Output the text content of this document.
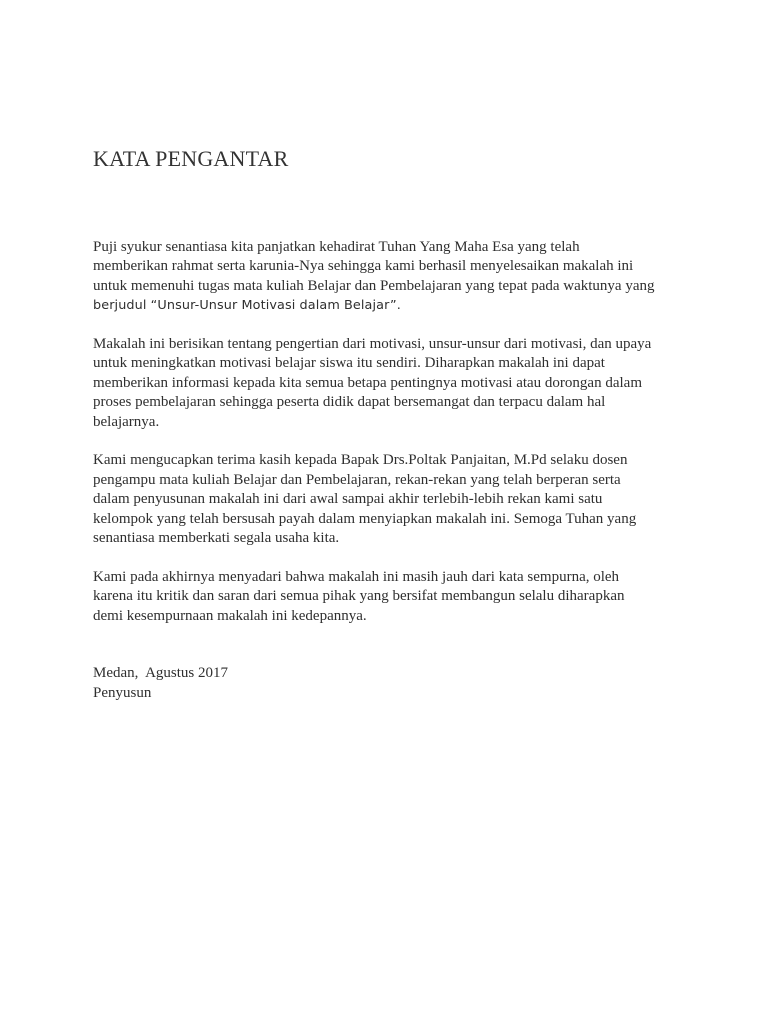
KATA PENGANTAR
Puji syukur senantiasa kita panjatkan kehadirat Tuhan Yang Maha Esa yang telah
memberikan rahmat serta karunia-Nya sehingga kami berhasil menyelesaikan makalah ini
untuk memenuhi tugas mata kuliah Belajar dan Pembelajaran yang tepat pada waktunya yang
berjudul “Unsur-Unsur Motivasi dalam Belajar”.
Makalah ini berisikan tentang pengertian dari motivasi, unsur-unsur dari motivasi, dan upaya
untuk meningkatkan motivasi belajar siswa itu sendiri. Diharapkan makalah ini dapat
memberikan informasi kepada kita semua betapa pentingnya motivasi atau dorongan dalam
proses pembelajaran sehingga peserta didik dapat bersemangat dan terpacu dalam hal
belajarnya.
Kami mengucapkan terima kasih kepada Bapak Drs.Poltak Panjaitan, M.Pd selaku dosen
pengampu mata kuliah Belajar dan Pembelajaran, rekan-rekan yang telah berperan serta
dalam penyusunan makalah ini dari awal sampai akhir terlebih-lebih rekan kami satu
kelompok yang telah bersusah payah dalam menyiapkan makalah ini. Semoga Tuhan yang
senantiasa memberkati segala usaha kita.
Kami pada akhirnya menyadari bahwa makalah ini masih jauh dari kata sempurna, oleh
karena itu kritik dan saran dari semua pihak yang bersifat membangun selalu diharapkan
demi kesempurnaan makalah ini kedepannya.
Medan,  Agustus 2017
Penyusun
